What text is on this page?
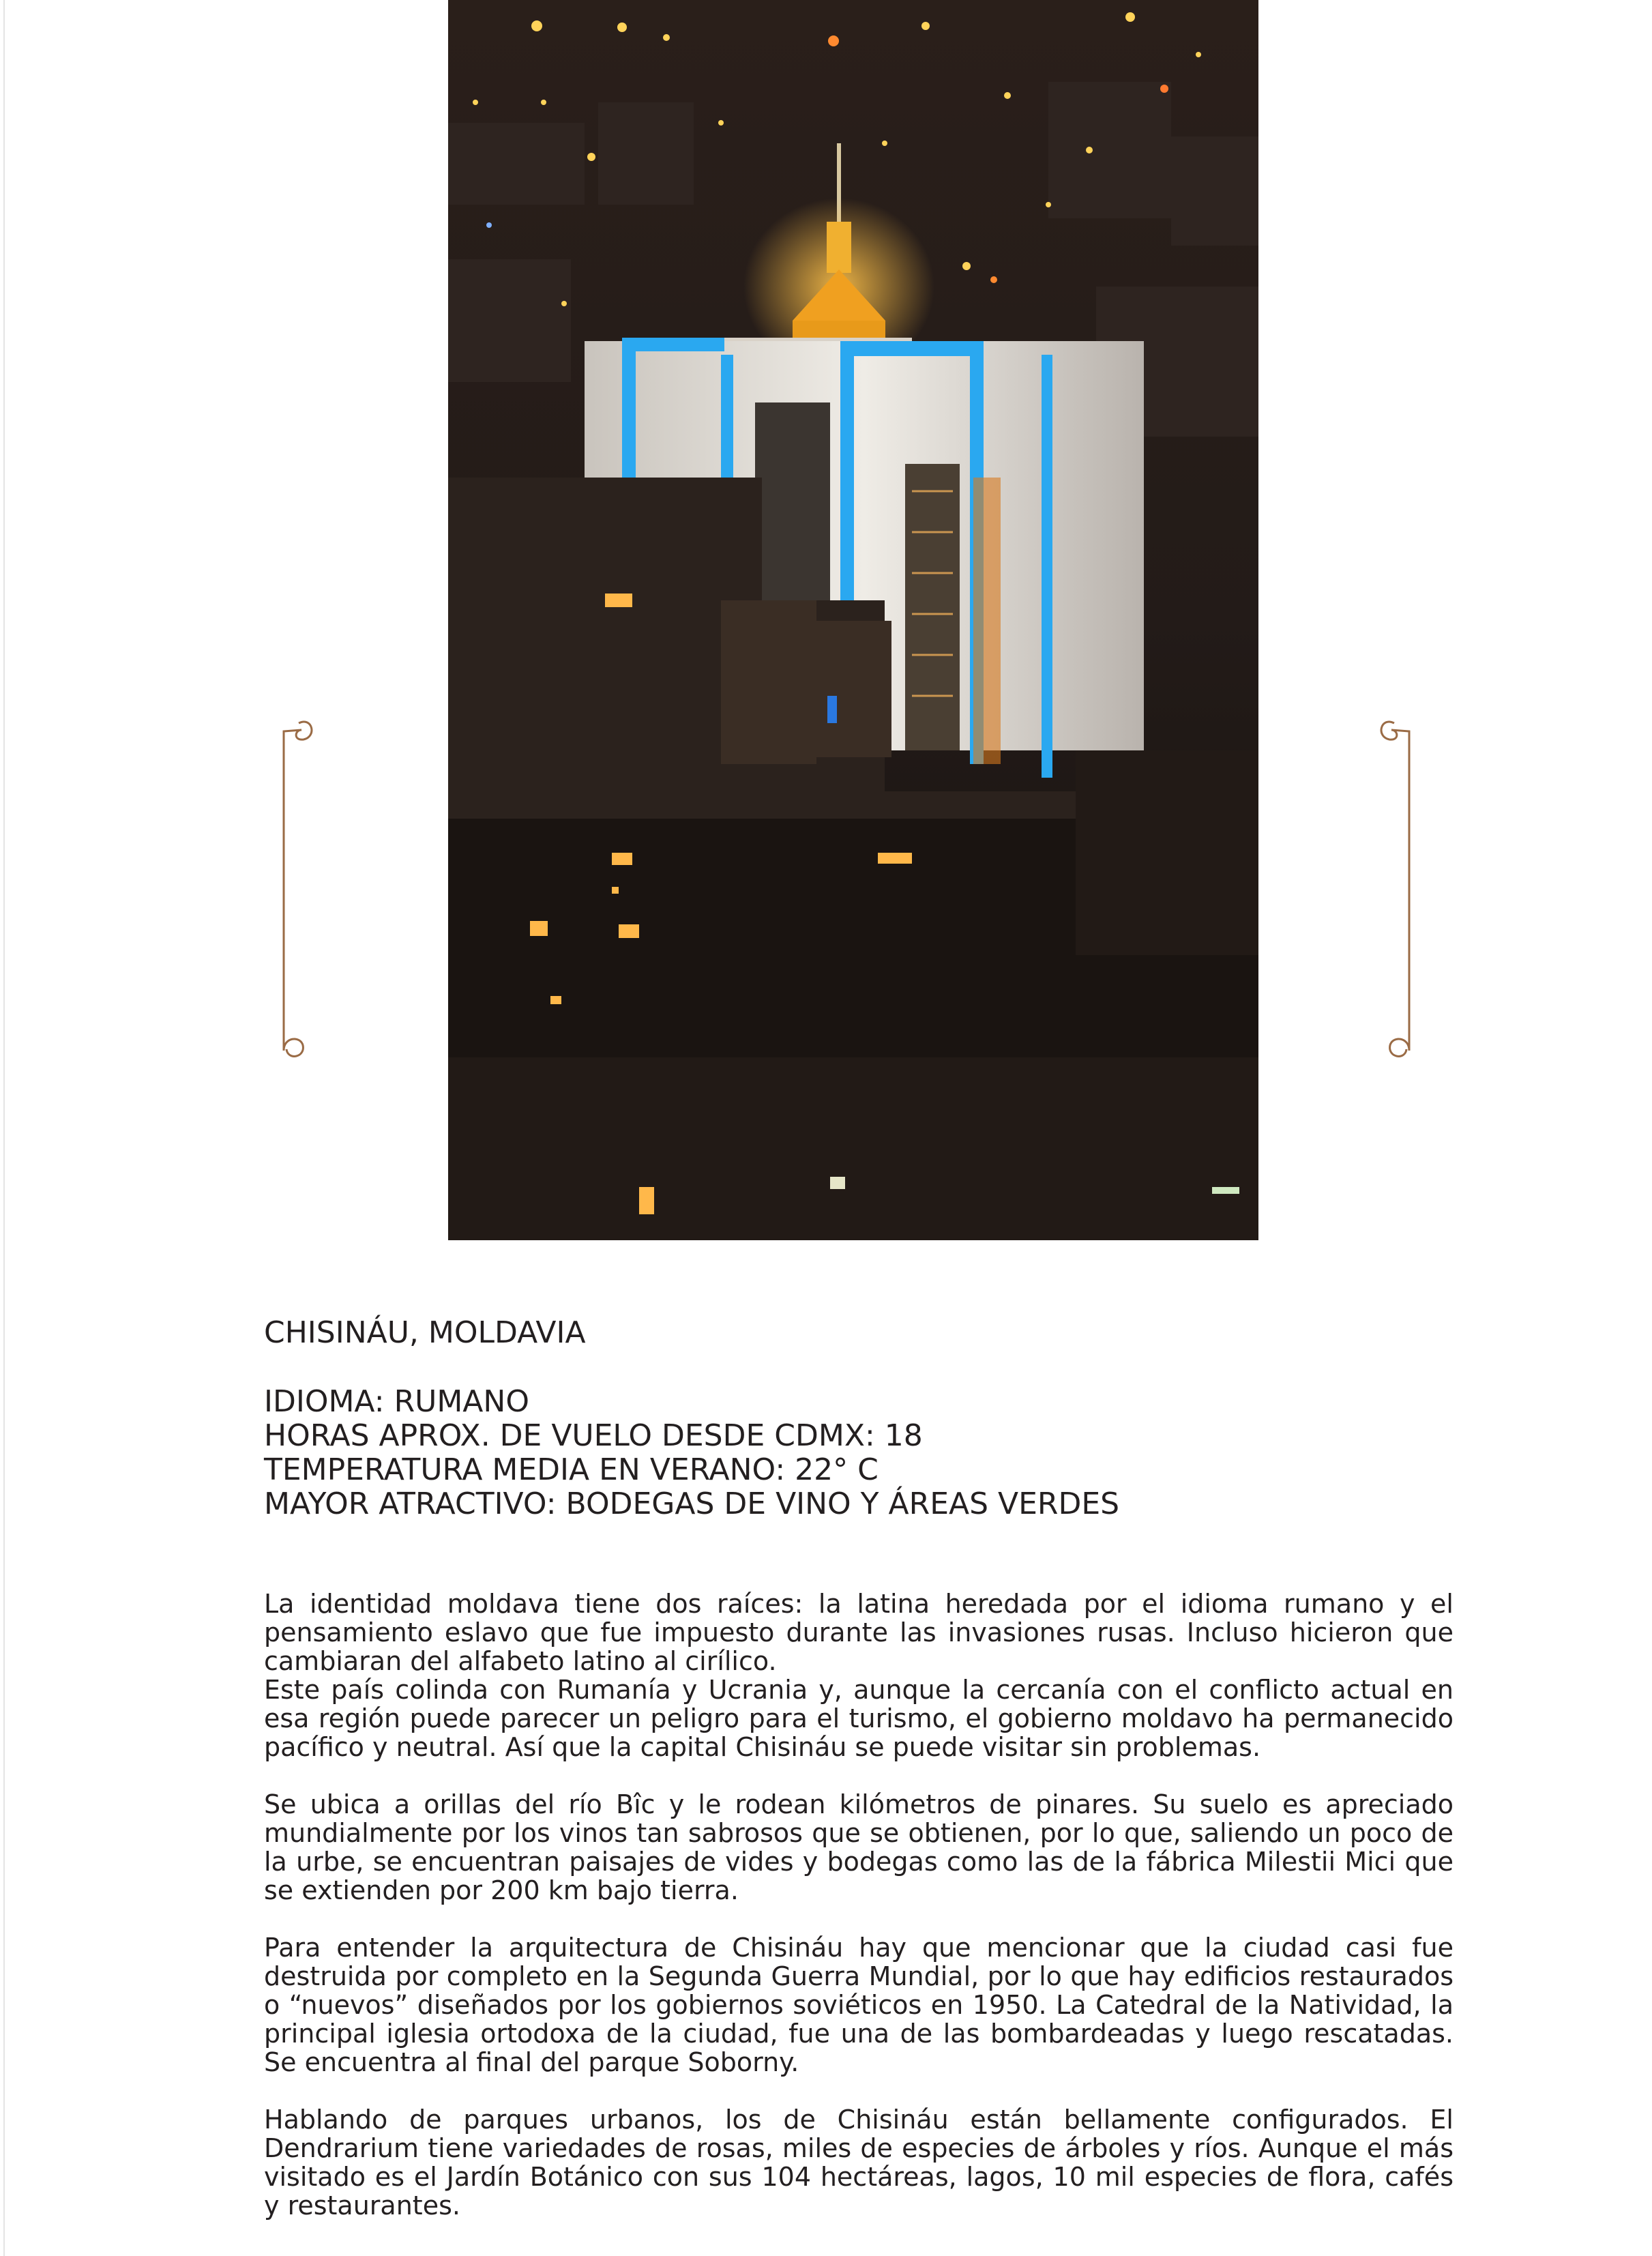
CHISINÁU, MOLDAVIA
IDIOMA: RUMANO
HORAS APROX. DE VUELO DESDE CDMX: 18
TEMPERATURA MEDIA EN VERANO: 22° C
MAYOR ATRACTIVO: BODEGAS DE VINO Y ÁREAS VERDES

La identidad moldava tiene dos raíces: la latina heredada por el idioma rumano y el pensamiento eslavo que fue impuesto durante las invasiones rusas. Incluso hicieron que cambiaran del alfabeto latino al cirílico.
Este país colinda con Rumanía y Ucrania y, aunque la cercanía con el conflicto actual en esa región puede parecer un peligro para el turismo, el gobierno moldavo ha permanecido pacífico y neutral. Así que la capital Chisináu se puede visitar sin problemas.

Se ubica a orillas del río Bîc y le rodean kilómetros de pinares. Su suelo es apreciado mundialmente por los vinos tan sabrosos que se obtienen, por lo que, saliendo un poco de la urbe, se encuentran paisajes de vides y bodegas como las de la fábrica Milestii Mici que se extienden por 200 km bajo tierra.

Para entender la arquitectura de Chisináu hay que mencionar que la ciudad casi fue destruida por completo en la Segunda Guerra Mundial, por lo que hay edificios restaurados o “nuevos” diseñados por los gobiernos soviéticos en 1950. La Catedral de la Natividad, la principal iglesia ortodoxa de la ciudad, fue una de las bombardeadas y luego rescatadas. Se encuentra al final del parque Soborny.

Hablando de parques urbanos, los de Chisináu están bellamente configurados. El Dendrarium tiene variedades de rosas, miles de especies de árboles y ríos. Aunque el más visitado es el Jardín Botánico con sus 104 hectáreas, lagos, 10 mil especies de flora, cafés y restaurantes.
